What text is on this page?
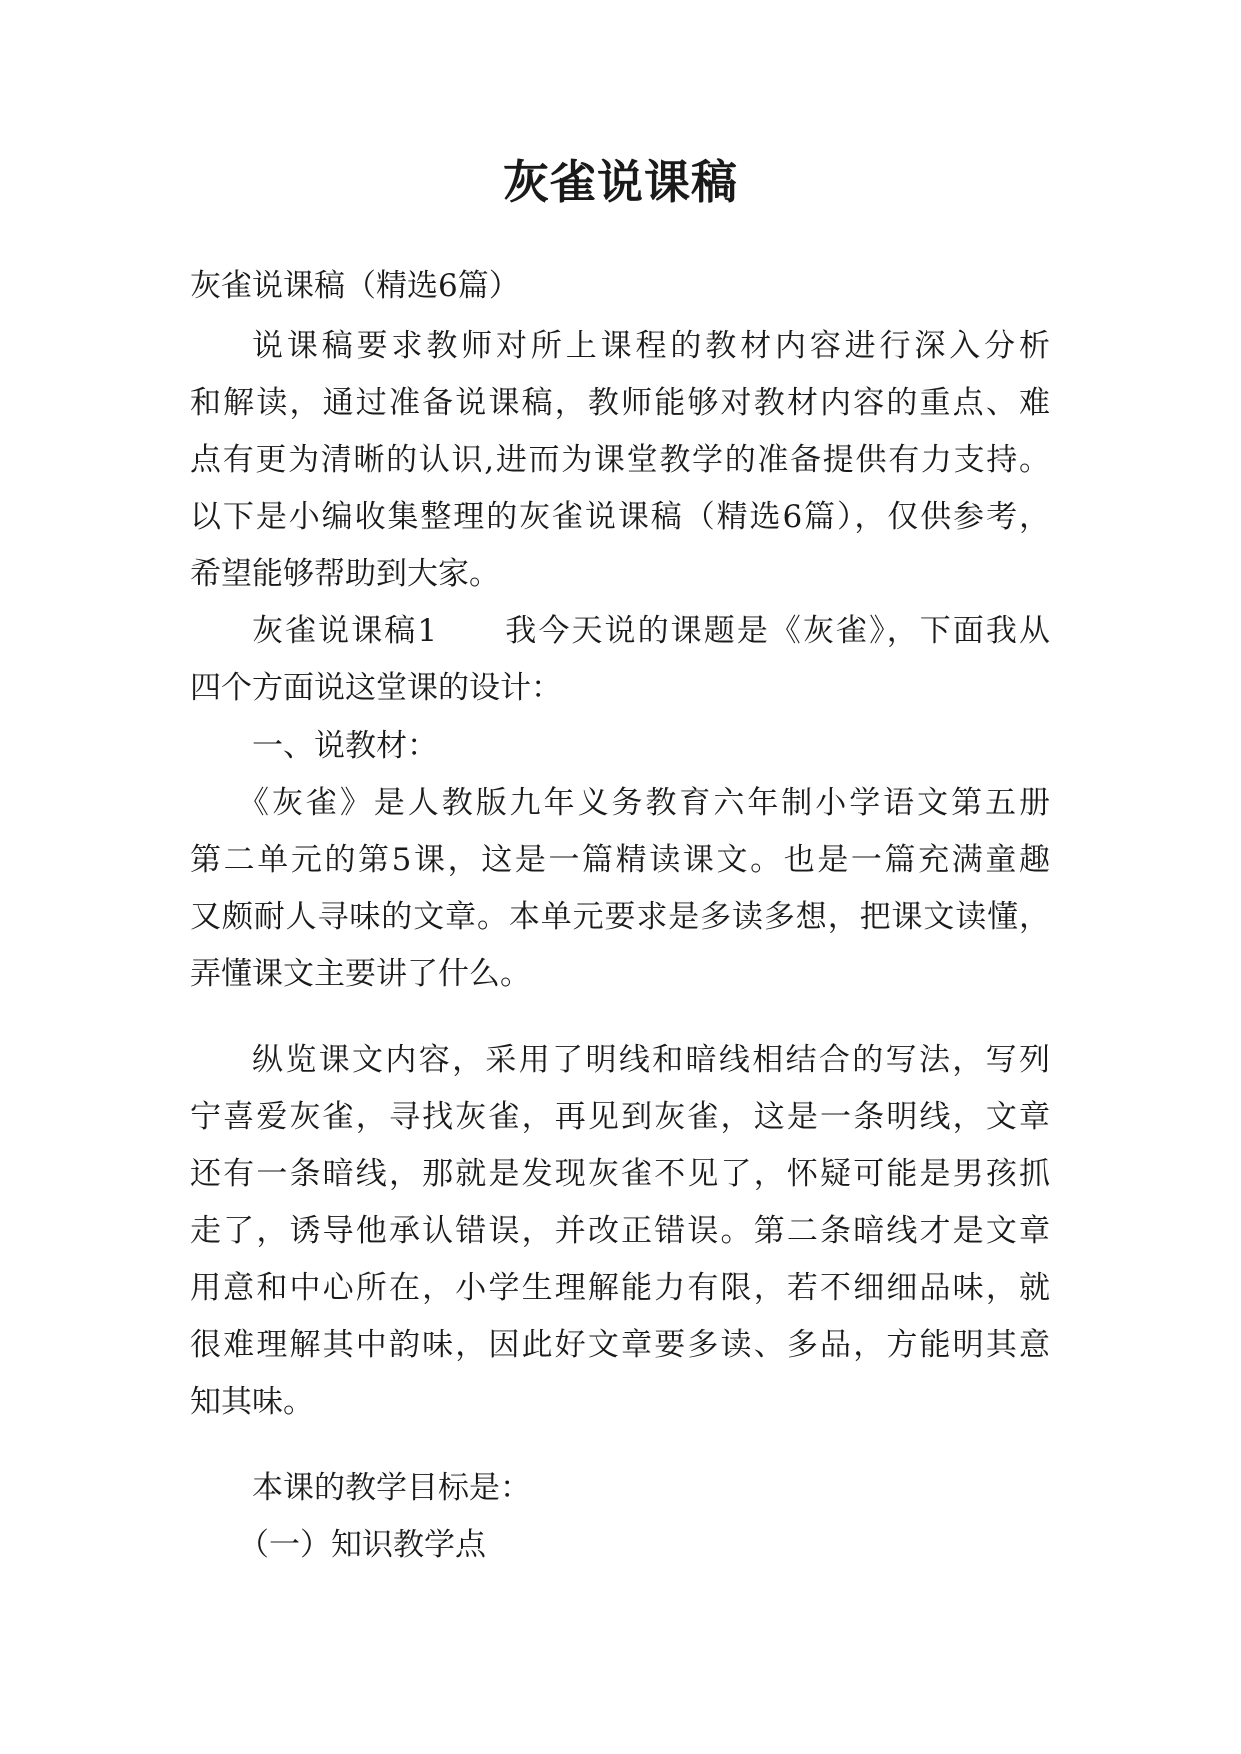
灰雀说课稿
灰雀说课稿（精选6篇）
说课稿要求教师对所上课程的教材内容进行深入分析
和解读，通过准备说课稿，教师能够对教材内容的重点、难
点有更为清晰的认识,进而为课堂教学的准备提供有力支持。
以下是小编收集整理的灰雀说课稿（精选6篇），仅供参考，
希望能够帮助到大家。
灰雀说课稿1　　我今天说的课题是《灰雀》，下面我从
四个方面说这堂课的设计：
一、说教材：
《灰雀》是人教版九年义务教育六年制小学语文第五册
第二单元的第5课，这是一篇精读课文。也是一篇充满童趣
又颇耐人寻味的文章。本单元要求是多读多想，把课文读懂，
弄懂课文主要讲了什么。
纵览课文内容，采用了明线和暗线相结合的写法，写列
宁喜爱灰雀，寻找灰雀，再见到灰雀，这是一条明线，文章
还有一条暗线，那就是发现灰雀不见了，怀疑可能是男孩抓
走了，诱导他承认错误，并改正错误。第二条暗线才是文章
用意和中心所在，小学生理解能力有限，若不细细品味，就
很难理解其中韵味，因此好文章要多读、多品，方能明其意
知其味。
本课的教学目标是：
（一）知识教学点
